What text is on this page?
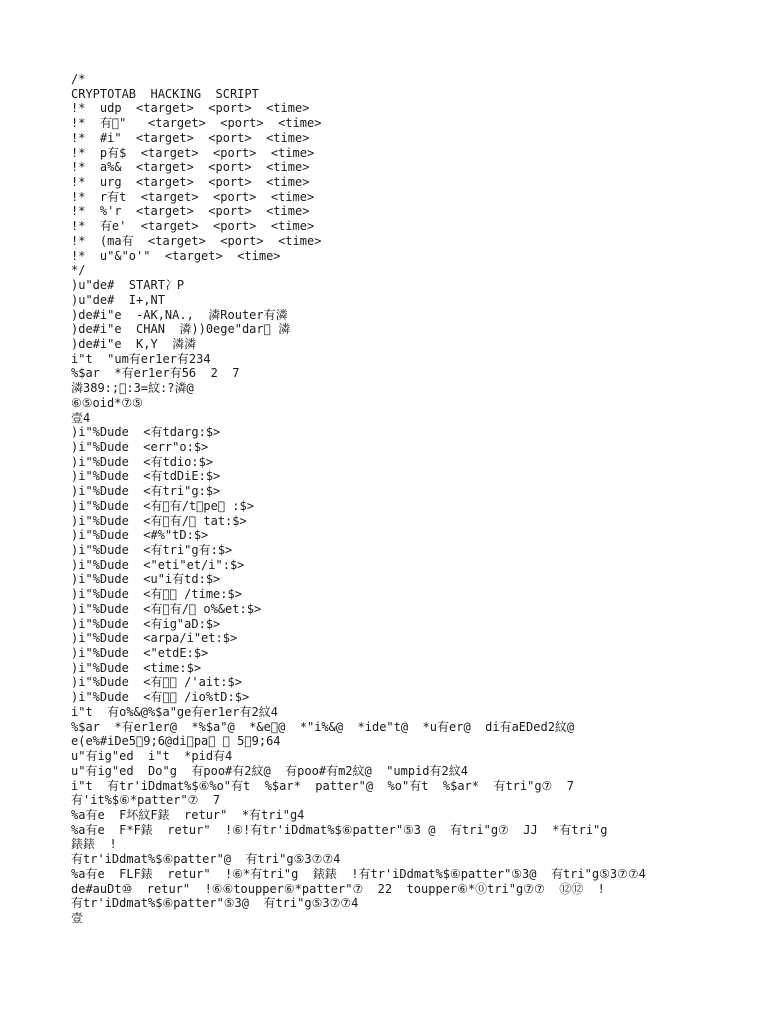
/*
CRYPTOTAB  HACKING  SCRIPT
!*  udp  <target>  <port>  <time>
!*  有 "   <target>  <port>  <time>
!*  #i"  <target>  <port>  <time>
!*  p有$  <target>  <port>  <time>
!*  a%&  <target>  <port>  <time>
!*  urg  <target>  <port>  <time>
!*  r有t  <target>  <port>  <time>
!*  %'r  <target>  <port>  <time>
!*  有e'  <target>  <port>  <time>
!*  (ma有  <target>  <port>  <time>
!*  u"&"o'"  <target>  <time>
*/
)u"de#  START冫P
)u"de#  I+,NT
)de#i"e  -AK,NA.,  潾Router有潾
)de#i"e  CHAN  潾))0ege"dar  潾
)de#i"e  K,Y  潾潾
i"t  "um有er1er有234
%$ar  *有er1er有56  2  7
潾389:; :3=紋:?潾@
⑥⑤oid*⑦⑤
壹4
)i"%Dude  <有tdarg:$>
)i"%Dude  <err"o:$>
)i"%Dude  <有tdio:$>
)i"%Dude  <有tdDiE:$>
)i"%Dude  <有tri"g:$>
)i"%Dude  <有 有/t pe  :$>
)i"%Dude  <有 有/  tat:$>
)i"%Dude  <#%"tD:$>
)i"%Dude  <有tri"g有:$>
)i"%Dude  <"eti"et/i":$>
)i"%Dude  <u"i有td:$>
)i"%Dude  <有   /time:$>
)i"%Dude  <有 有/  o%&et:$>
)i"%Dude  <有ig"aD:$>
)i"%Dude  <arpa/i"et:$>
)i"%Dude  <"etdE:$>
)i"%Dude  <time:$>
)i"%Dude  <有   /'ait:$>
)i"%Dude  <有   /io%tD:$>
i"t  有o%&@%$a"ge有er1er有2紋4
%$ar  *有er1er@  *%$a"@  *&e @  *"i%&@  *ide"t@  *u有er@  di有aEDed2紋@
e(e%#iDe5 9;6@di pa    5 9;64
u"有ig"ed  i"t  *pid有4
u"有ig"ed  Do"g  有poo#有2紋@  有poo#有m2紋@  "umpid有2紋4
i"t  有tr'iDdmat%$⑥%o"有t  %$ar*  patter"@  %o"有t  %$ar*  有tri"g⑦  7
有'it%$⑥*patter"⑦  7
%a有e  F坏紋F錶  retur"  *有tri"g4
%a有e  F*F錶  retur"  !⑥!有tr'iDdmat%$⑥patter"⑤3 @  有tri"g⑦  JJ  *有tri"g
錶錶  !
有tr'iDdmat%$⑥patter"@  有tri"g⑤3⑦⑦4
%a有e  FLF錶  retur"  !⑥*有tri"g  錶錶  !有tr'iDdmat%$⑥patter"⑤3@  有tri"g⑤3⑦⑦4
de#auDt⑩  retur"  !⑥⑥toupper⑥*patter"⑦  22  toupper⑥*⓪tri"g⑦⑦  ⑫⑫  !
有tr'iDdmat%$⑥patter"⑤3@  有tri"g⑤3⑦⑦4
壹
